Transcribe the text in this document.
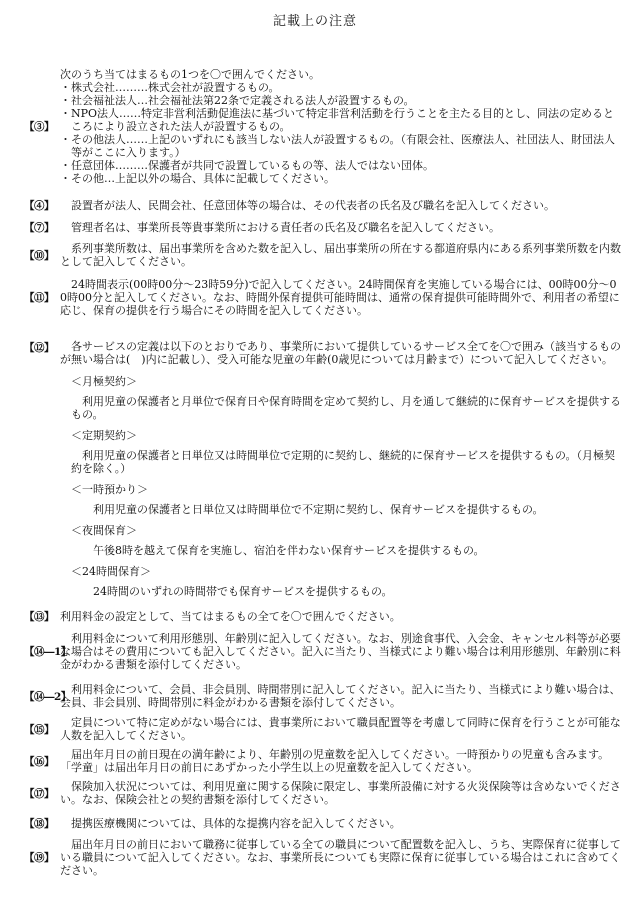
記載上の注意
【③】

次のうち当てはまるもの1つを〇で囲んでください。

・株式会社………株式会社が設置するもの。

・社会福祉法人…社会福祉法第22条で定義される法人が設置するもの。

・NPO法人……特定非営利活動促進法に基づいて特定非営利活動を行うことを主たる目的とし、同法の定めるところにより設立された法人が設置するもの。

・その他法人……上記のいずれにも該当しない法人が設置するもの。（有限会社、医療法人、社団法人、財団法人等がここに入ります。）

・任意団体………保護者が共同で設置しているもの等、法人ではない団体。

・その他…上記以外の場合、具体に記載してください。

【④】	設置者が法人、民間会社、任意団体等の場合は、その代表者の氏名及び職名を記入してください。
【⑦】	管理者名は、事業所長等貴事業所における責任者の氏名及び職名を記入してください。
【⑩】
系列事業所数は、届出事業所を含めた数を記入し、届出事業所の所在する都道府県内にある系列事業所数を内数として記入してください。
【⑪】
24時間表示(00時00分～23時59分)で記入してください。24時間保育を実施している場合には、00時00分～00時00分と記入してください。なお、時間外保育提供可能時間は、通常の保育提供可能時間外で、利用者の希望に応じ、保育の提供を行う場合にその時間を記入してください。
【⑫】	各サービスの定義は以下のとおりであり、事業所において提供しているサービス全てを〇で囲み（該当するものが無い場合は(　)内に記載し）、受入可能な児童の年齢(0歳児については月齢まで）について記入してください。

＜月極契約＞

利用児童の保護者と月単位で保育日や保育時間を定めて契約し、月を通して継続的に保育サービスを提供するもの。

＜定期契約＞

利用児童の保護者と日単位又は時間単位で定期的に契約し、継続的に保育サービスを提供するもの。（月極契約を除く。）

＜一時預かり＞

利用児童の保護者と日単位又は時間単位で不定期に契約し、保育サービスを提供するもの。

＜夜間保育＞

午後8時を越えて保育を実施し、宿泊を伴わない保育サービスを提供するもの。

＜24時間保育＞

24時間のいずれの時間帯でも保育サービスを提供するもの。

【⑬】 利用料金の設定として、当てはまるもの全てを〇で囲んでください。
【⑭―1】
利用料金について利用形態別、年齢別に記入してください。なお、別途食事代、入会金、キャンセル料等が必要な場合はその費用についても記入してください。記入に当たり、当様式により難い場合は利用形態別、年齢別に料金がわかる書類を添付してください。
【⑭―2】
利用料金について、会員、非会員別、時間帯別に記入してください。記入に当たり、当様式により難い場合は、会員、非会員別、時間帯別に料金がわかる書類を添付してください。
【⑮】
定員について特に定めがない場合には、貴事業所において職員配置等を考慮して同時に保育を行うことが可能な人数を記入してください。
【⑯】
届出年月日の前日現在の満年齢により、年齢別の児童数を記入してください。一時預かりの児童も含みます。「学童」は届出年月日の前日にあずかった小学生以上の児童数を記入してください。
【⑰】
保険加入状況については、利用児童に関する保険に限定し、事業所設備に対する火災保険等は含めないでください。なお、保険会社との契約書類を添付してください。
【⑱】	提携医療機関については、具体的な提携内容を記入してください。
【⑲】
届出年月日の前日において職務に従事している全ての職員について配置数を記入し、うち、実際保育に従事している職員について記入してください。なお、事業所長についても実際に保育に従事している場合はこれに含めてください。
